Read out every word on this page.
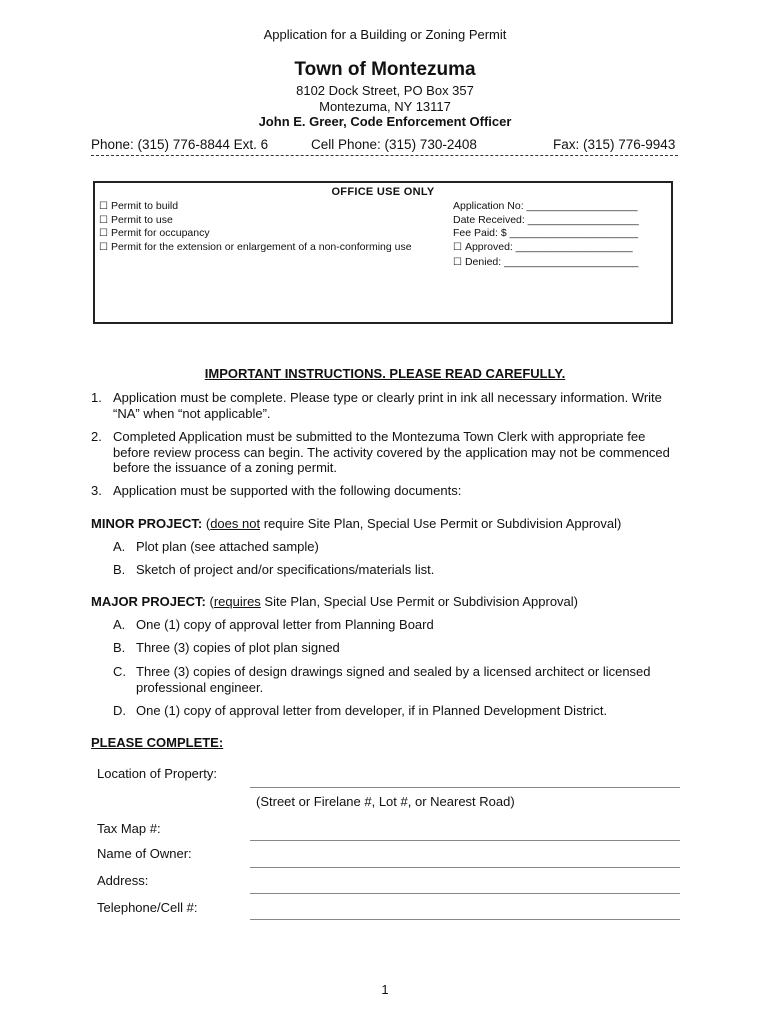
Application for a Building or Zoning Permit
Town of Montezuma
8102 Dock Street, PO Box 357
Montezuma, NY 13117
John E. Greer, Code Enforcement Officer
Phone: (315) 776-8844 Ext. 6	Cell Phone: (315) 730-2408	Fax: (315) 776-9943
OFFICE USE ONLY
☐ Permit to build
☐ Permit to use
☐ Permit for occupancy
☐ Permit for the extension or enlargement of a non-conforming use
Application No: ___________________
Date Received: ___________________
Fee Paid: $ ______________________
☐ Approved: ____________________
☐ Denied: _______________________
IMPORTANT INSTRUCTIONS. PLEASE READ CAREFULLY.
1. Application must be complete. Please type or clearly print in ink all necessary information. Write “NA” when “not applicable”.
2. Completed Application must be submitted to the Montezuma Town Clerk with appropriate fee before review process can begin. The activity covered by the application may not be commenced before the issuance of a zoning permit.
3. Application must be supported with the following documents:
MINOR PROJECT: (does not require Site Plan, Special Use Permit or Subdivision Approval)
A. Plot plan (see attached sample)
B. Sketch of project and/or specifications/materials list.
MAJOR PROJECT: (requires Site Plan, Special Use Permit or Subdivision Approval)
A. One (1) copy of approval letter from Planning Board
B. Three (3) copies of plot plan signed
C. Three (3) copies of design drawings signed and sealed by a licensed architect or licensed professional engineer.
D. One (1) copy of approval letter from developer, if in Planned Development District.
PLEASE COMPLETE:
Location of Property:
(Street or Firelane #, Lot #, or Nearest Road)
Tax Map #:
Name of Owner:
Address:
Telephone/Cell #:
1
